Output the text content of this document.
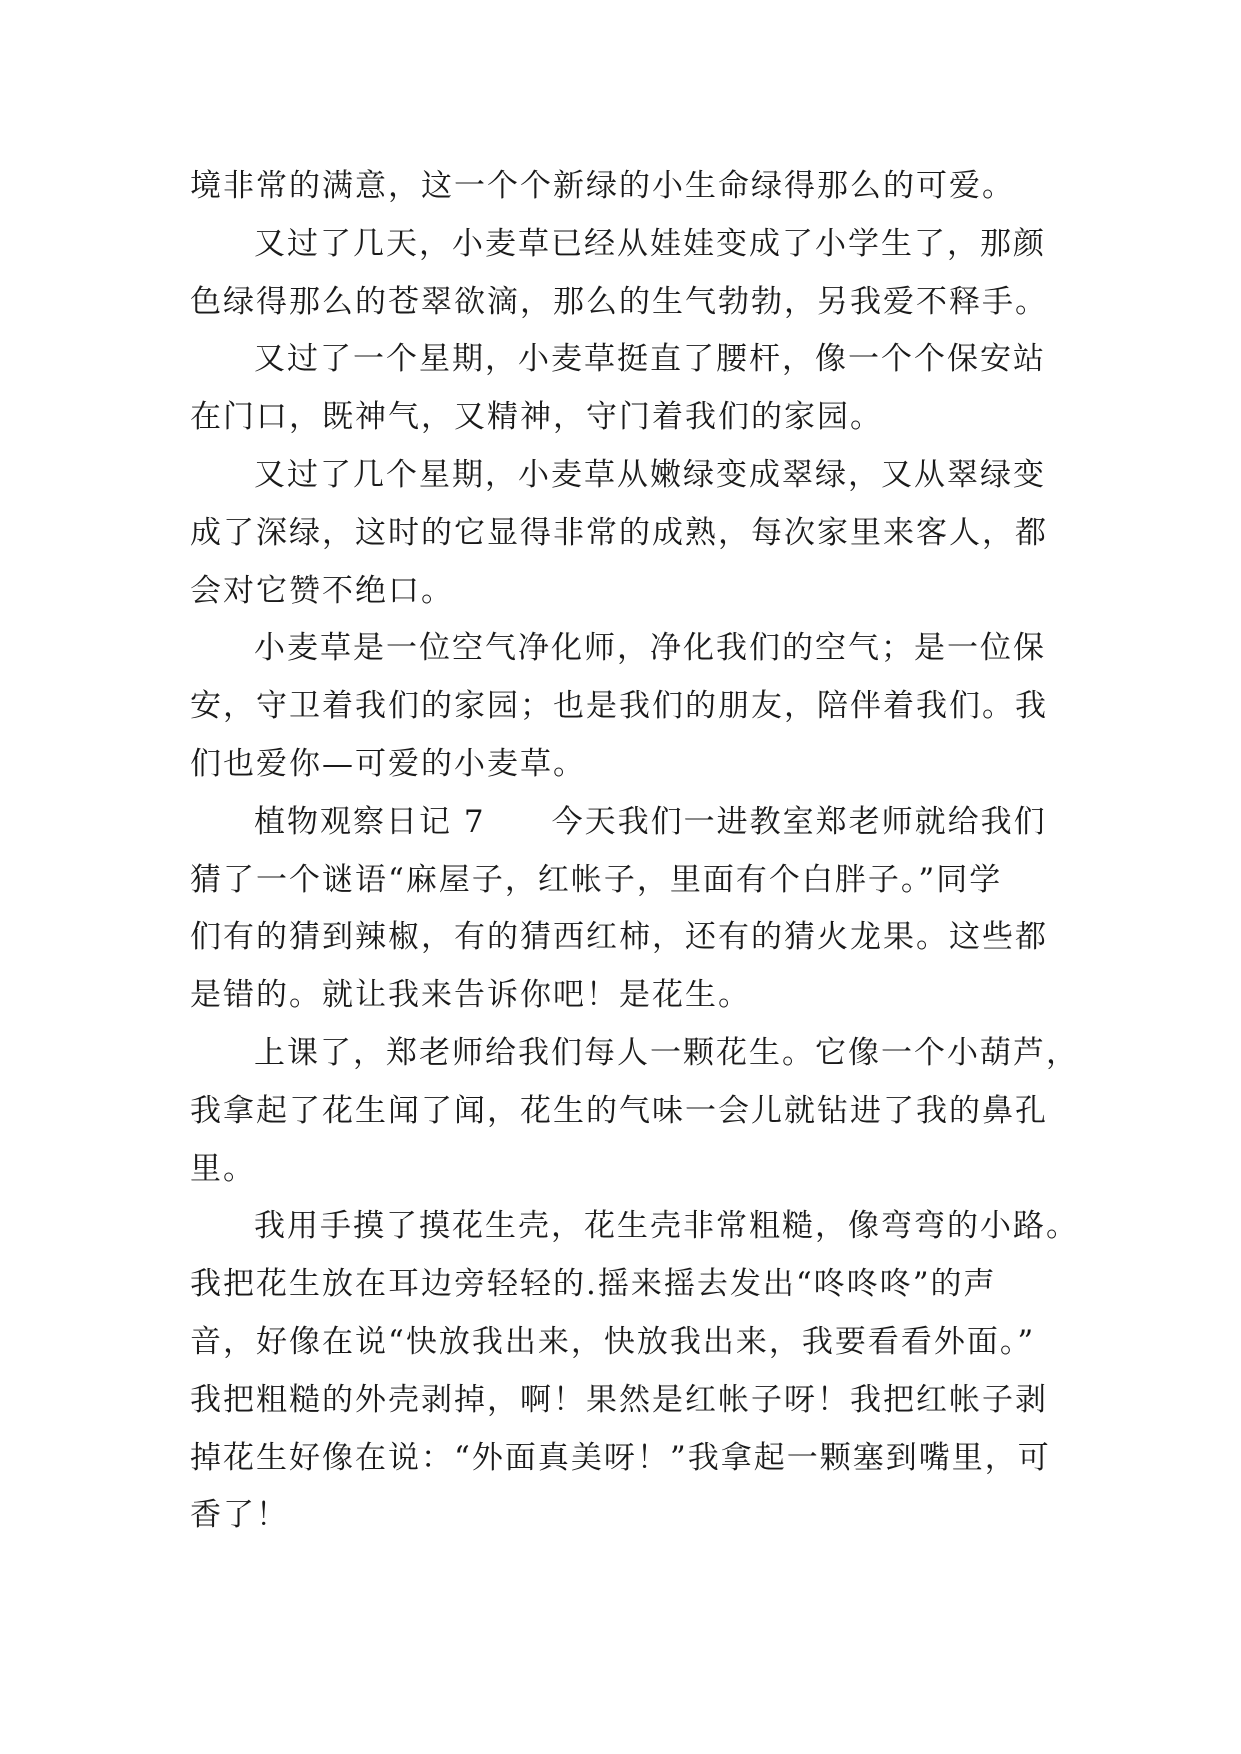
境非常的满意，这一个个新绿的小生命绿得那么的可爱。
又过了几天，小麦草已经从娃娃变成了小学生了，那颜
色绿得那么的苍翠欲滴，那么的生气勃勃，另我爱不释手。
又过了一个星期，小麦草挺直了腰杆，像一个个保安站
在门口，既神气，又精神，守门着我们的家园。
又过了几个星期，小麦草从嫩绿变成翠绿，又从翠绿变
成了深绿，这时的它显得非常的成熟，每次家里来客人，都
会对它赞不绝口。
小麦草是一位空气净化师，净化我们的空气；是一位保
安，守卫着我们的家园；也是我们的朋友，陪伴着我们。我
们也爱你—可爱的小麦草。
植物观察日记 7　　今天我们一进教室郑老师就给我们
猜了一个谜语“麻屋子，红帐子，里面有个白胖子。”同学
们有的猜到辣椒，有的猜西红柿，还有的猜火龙果。这些都
是错的。就让我来告诉你吧！是花生。
上课了，郑老师给我们每人一颗花生。它像一个小葫芦，
我拿起了花生闻了闻，花生的气味一会儿就钻进了我的鼻孔
里。
我用手摸了摸花生壳，花生壳非常粗糙，像弯弯的小路。
我把花生放在耳边旁轻轻的.摇来摇去发出“咚咚咚”的声
音，好像在说“快放我出来，快放我出来，我要看看外面。”
我把粗糙的外壳剥掉，啊！果然是红帐子呀！我把红帐子剥
掉花生好像在说：“外面真美呀！”我拿起一颗塞到嘴里，可
香了！
